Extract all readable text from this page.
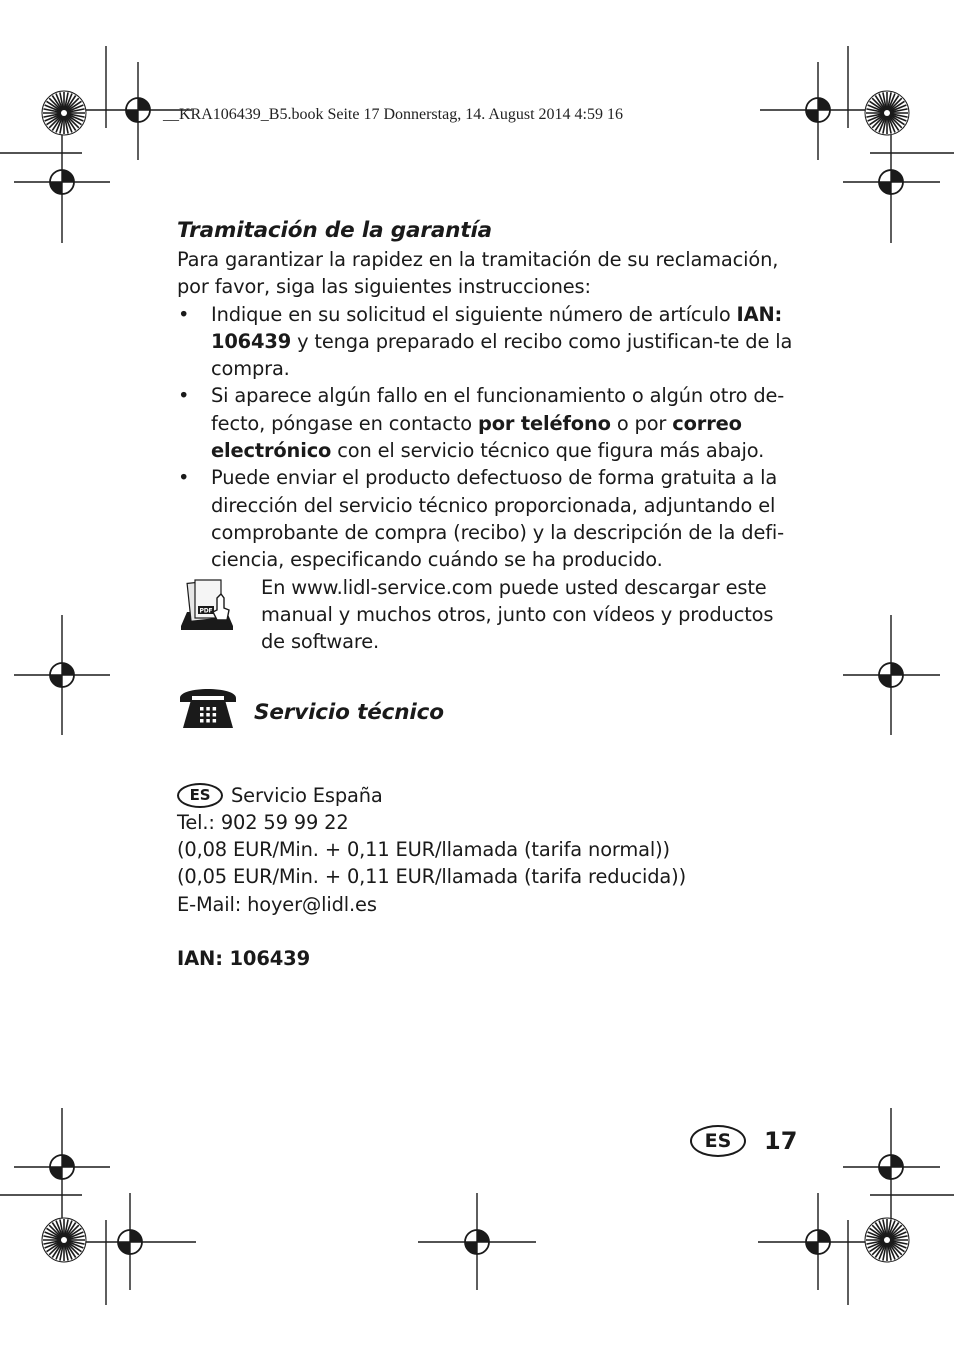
__KRA106439_B5.book Seite 17 Donnerstag, 14. August 2014 4:59 16
Tramitación de la garantía

Para garantizar la rapidez en la tramitación de su reclamación, por favor, siga las siguientes instrucciones:

• Indique en su solicitud el siguiente número de artículo IAN: 106439 y tenga preparado el recibo como justifican-te de la compra.
• Si aparece algún fallo en el funcionamiento o algún otro de-fecto, póngase en contacto por teléfono o por correo electrónico con el servicio técnico que figura más abajo.
• Puede enviar el producto defectuoso de forma gratuita a la dirección del servicio técnico proporcionada, adjuntando el comprobante de compra (recibo) y la descripción de la defi-ciencia, especificando cuándo se ha producido.
PDF

En www.lidl-service.com puede usted descargar este manual y muchos otros, junto con vídeos y productos de software.

Servicio técnico
ES	Servicio España
Tel.: 902 59 99 22
(0,08 EUR/Min. + 0,11 EUR/llamada (tarifa normal))
(0,05 EUR/Min. + 0,11 EUR/llamada (tarifa reducida))
E-Mail: hoyer@lidl.es
IAN: 106439
ES	17
